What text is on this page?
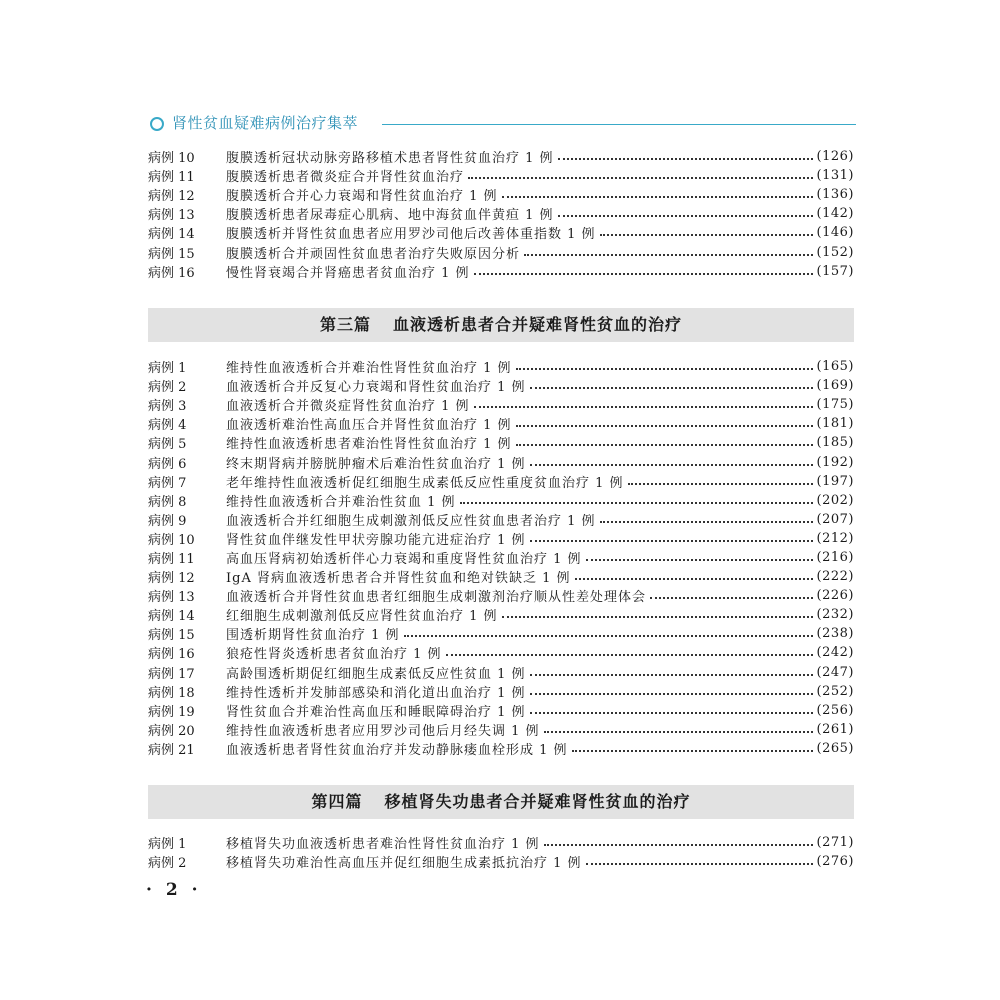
肾性贫血疑难病例治疗集萃
病例 10	腹膜透析冠状动脉旁路移植术患者肾性贫血治疗 1 例	(126)
病例 11	腹膜透析患者微炎症合并肾性贫血治疗	(131)
病例 12	腹膜透析合并心力衰竭和肾性贫血治疗 1 例	(136)
病例 13	腹膜透析患者尿毒症心肌病、地中海贫血伴黄疸 1 例	(142)
病例 14	腹膜透析并肾性贫血患者应用罗沙司他后改善体重指数 1 例	(146)
病例 15	腹膜透析合并顽固性贫血患者治疗失败原因分析	(152)
病例 16	慢性肾衰竭合并肾癌患者贫血治疗 1 例	(157)
第三篇 血液透析患者合并疑难肾性贫血的治疗
病例 1	维持性血液透析合并难治性肾性贫血治疗 1 例	(165)
病例 2	血液透析合并反复心力衰竭和肾性贫血治疗 1 例	(169)
病例 3	血液透析合并微炎症肾性贫血治疗 1 例	(175)
病例 4	血液透析难治性高血压合并肾性贫血治疗 1 例	(181)
病例 5	维持性血液透析患者难治性肾性贫血治疗 1 例	(185)
病例 6	终末期肾病并膀胱肿瘤术后难治性贫血治疗 1 例	(192)
病例 7	老年维持性血液透析促红细胞生成素低反应性重度贫血治疗 1 例	(197)
病例 8	维持性血液透析合并难治性贫血 1 例	(202)
病例 9	血液透析合并红细胞生成刺激剂低反应性贫血患者治疗 1 例	(207)
病例 10	肾性贫血伴继发性甲状旁腺功能亢进症治疗 1 例	(212)
病例 11	高血压肾病初始透析伴心力衰竭和重度肾性贫血治疗 1 例	(216)
病例 12	IgA 肾病血液透析患者合并肾性贫血和绝对铁缺乏 1 例	(222)
病例 13	血液透析合并肾性贫血患者红细胞生成刺激剂治疗顺从性差处理体会	(226)
病例 14	红细胞生成刺激剂低反应肾性贫血治疗 1 例	(232)
病例 15	围透析期肾性贫血治疗 1 例	(238)
病例 16	狼疮性肾炎透析患者贫血治疗 1 例	(242)
病例 17	高龄围透析期促红细胞生成素低反应性贫血 1 例	(247)
病例 18	维持性透析并发肺部感染和消化道出血治疗 1 例	(252)
病例 19	肾性贫血合并难治性高血压和睡眠障碍治疗 1 例	(256)
病例 20	维持性血液透析患者应用罗沙司他后月经失调 1 例	(261)
病例 21	血液透析患者肾性贫血治疗并发动静脉瘘血栓形成 1 例	(265)
第四篇 移植肾失功患者合并疑难肾性贫血的治疗
病例 1	移植肾失功血液透析患者难治性肾性贫血治疗 1 例	(271)
病例 2	移植肾失功难治性高血压并促红细胞生成素抵抗治疗 1 例	(276)
· 2 ·
